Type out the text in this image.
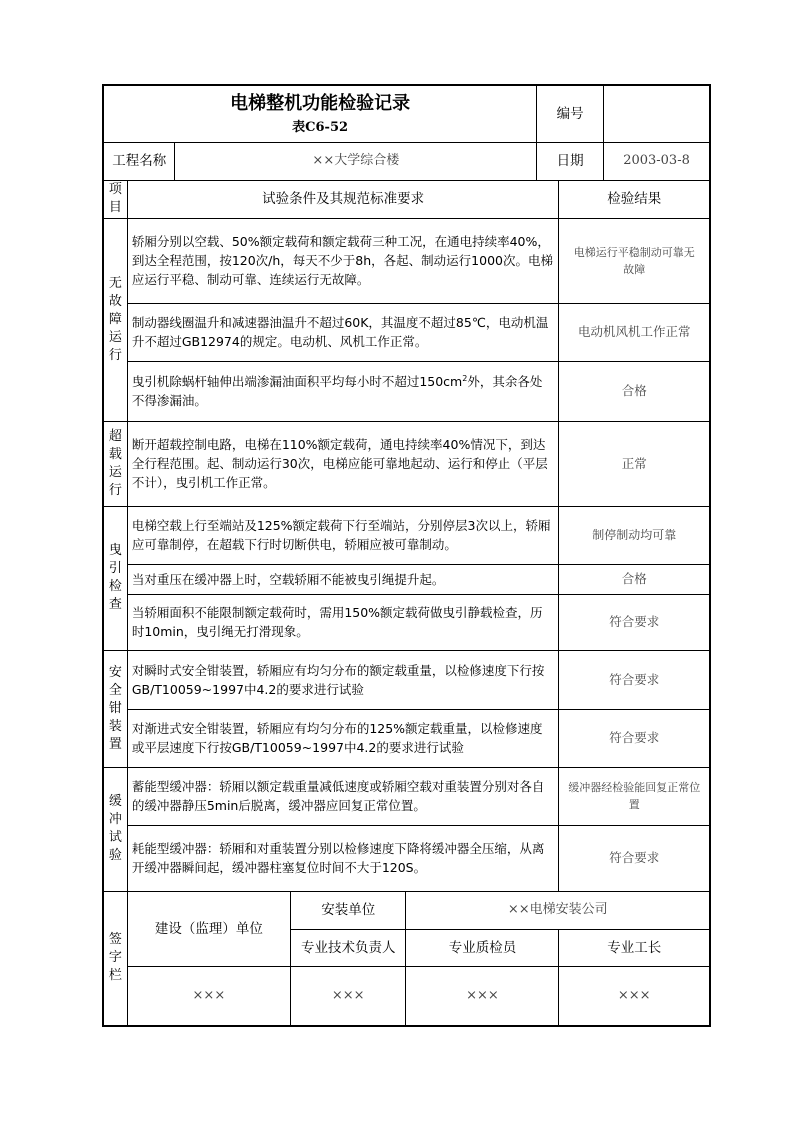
电梯整机功能检验记录
表C6-52					编号		
工程名称		××大学综合楼			日期		2003-03-8

项目	试验条件及其规范标准要求					检验结果	

无故障运行	轿厢分别以空载、50%额定载荷和额定载荷三种工况，在通电持续率40%，到达全程范围，按120次/h，每天不少于8h，各起、制动运行1000次。电梯应运行平稳、制动可靠、连续运行无故障。					电梯运行平稳制动可靠无故障	

	制动器线圈温升和减速器油温升不超过60K，其温度不超过85℃，电动机温升不超过GB12974的规定。电动机、风机工作正常。					电动机风机工作正常	

	曳引机除蜗杆轴伸出端渗漏油面积平均每小时不超过$150cm^2$外，其余各处不得渗漏油。					合格	

超载运行	断开超载控制电路，电梯在110%额定载荷，通电持续率40%情况下，到达全行程范围。起、制动运行30次，电梯应能可靠地起动、运行和停止（平层不计），曳引机工作正常。					正常	

曳引检查	电梯空载上行至端站及125%额定载荷下行至端站，分别停层3次以上，轿厢应可靠制停，在超载下行时切断供电，轿厢应被可靠制动。					制停制动均可靠	
	当对重压在缓冲器上时，空载轿厢不能被曳引绳提升起。					合格	
	当轿厢面积不能限制额定载荷时，需用150%额定载荷做曳引静载检查，历时10min，曳引绳无打滑现象。					符合要求	

安全钳装置	对瞬时式安全钳装置，轿厢应有均匀分布的额定载重量，以检修速度下行按GB/T10059~1997中4.2的要求进行试验					符合要求	
	对渐进式安全钳装置，轿厢应有均匀分布的125%额定载重量，以检修速度或平层速度下行按GB/T10059~1997中4.2的要求进行试验					符合要求	

缓冲试验	蓄能型缓冲器：轿厢以额定载重量减低速度或轿厢空载对重装置分别对各自的缓冲器静压5min后脱离，缓冲器应回复正常位置。					缓冲器经检验能回复正常位置	

	耗能型缓冲器：轿厢和对重装置分别以检修速度下降将缓冲器全压缩，从离开缓冲器瞬间起，缓冲器柱塞复位时间不大于120S。					符合要求	

签字栏	建设（监理）单位		安装单位	××电梯安装公司			
			专业技术负责人	专业质检员		专业工长	
	×××		×××	×××		×××	
